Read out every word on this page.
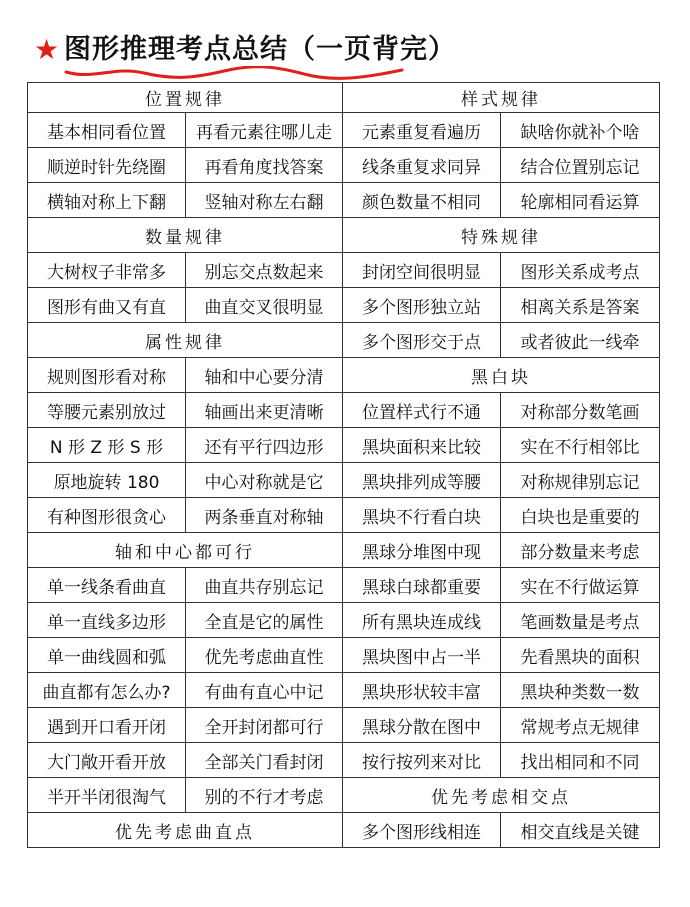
★ 图形推理考点总结（一页背完）
位置规律		样式规律	
基本相同看位置	再看元素往哪儿走	元素重复看遍历	缺啥你就补个啥
顺逆时针先绕圈	再看角度找答案	线条重复求同异	结合位置别忘记
横轴对称上下翻	竖轴对称左右翻	颜色数量不相同	轮廓相同看运算
数量规律		特殊规律	
大树杈子非常多	别忘交点数起来	封闭空间很明显	图形关系成考点
图形有曲又有直	曲直交叉很明显	多个图形独立站	相离关系是答案
属性规律		多个图形交于点	或者彼此一线牵
规则图形看对称	轴和中心要分清	黑白块	
等腰元素别放过	轴画出来更清晰	位置样式行不通	对称部分数笔画
N 形 Z 形 S 形	还有平行四边形	黑块面积来比较	实在不行相邻比
原地旋转 180	中心对称就是它	黑块排列成等腰	对称规律别忘记
有种图形很贪心	两条垂直对称轴	黑块不行看白块	白块也是重要的
轴和中心都可行		黑球分堆图中现	部分数量来考虑
单一线条看曲直	曲直共存别忘记	黑球白球都重要	实在不行做运算
单一直线多边形	全直是它的属性	所有黑块连成线	笔画数量是考点
单一曲线圆和弧	优先考虑曲直性	黑块图中占一半	先看黑块的面积
曲直都有怎么办?	有曲有直心中记	黑块形状较丰富	黑块种类数一数
遇到开口看开闭	全开封闭都可行	黑球分散在图中	常规考点无规律
大门敞开看开放	全部关门看封闭	按行按列来对比	找出相同和不同
半开半闭很淘气	别的不行才考虑	优先考虑相交点	
优先考虑曲直点		多个图形线相连	相交直线是关键
